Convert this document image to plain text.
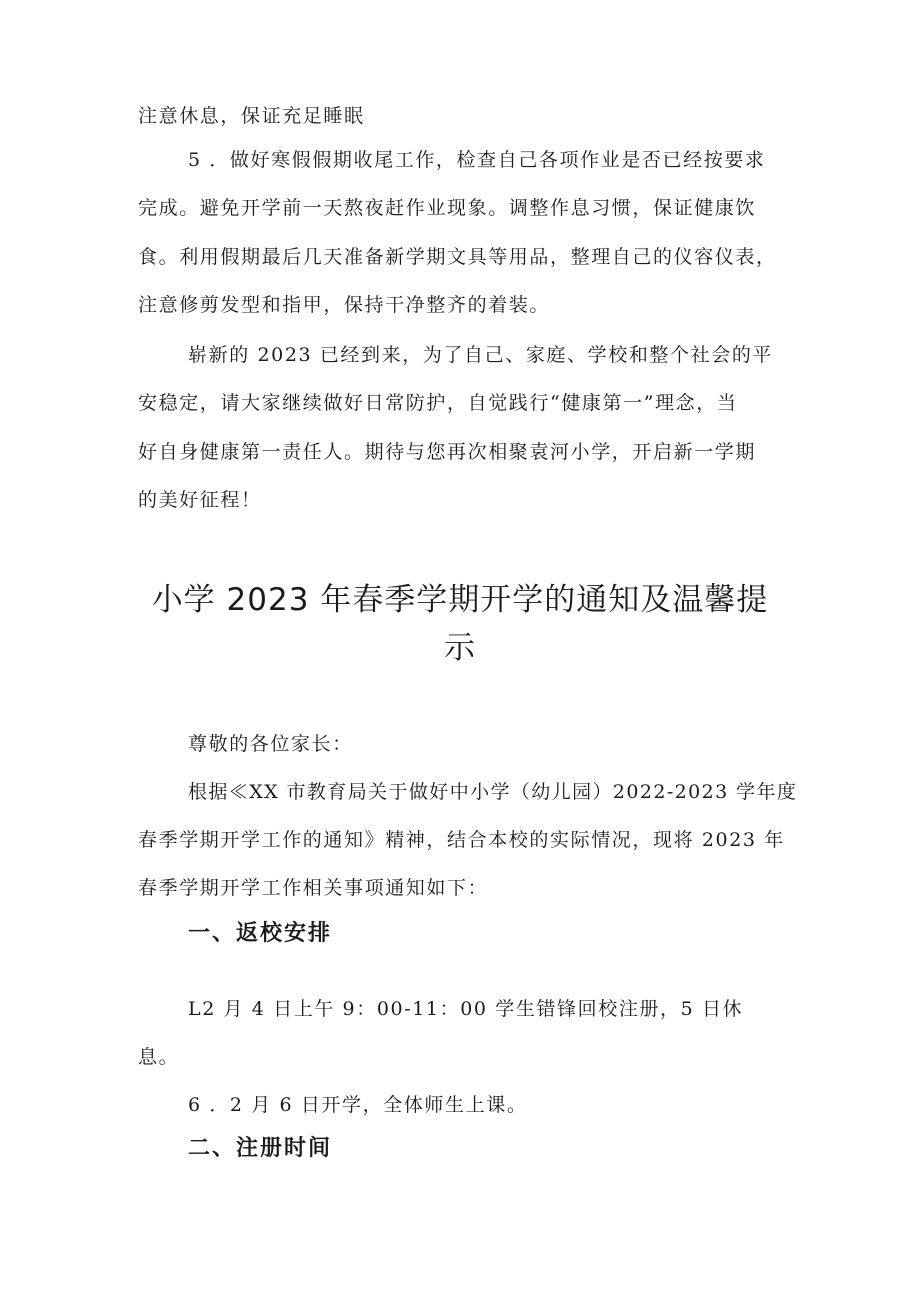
注意休息，保证充足睡眠

5 ．做好寒假假期收尾工作，检查自己各项作业是否已经按要求

完成。避免开学前一天熬夜赶作业现象。调整作息习惯，保证健康饮

食。利用假期最后几天准备新学期文具等用品，整理自己的仪容仪表，

注意修剪发型和指甲，保持干净整齐的着装。

崭新的 2023 已经到来，为了自己、家庭、学校和整个社会的平

安稳定，请大家继续做好日常防护，自觉践行“健康第一”理念，当

好自身健康第一责任人。期待与您再次相聚袁河小学，开启新一学期

的美好征程！

小学 2023 年春季学期开学的通知及温馨提
示

尊敬的各位家长：

根据≪XX 市教育局关于做好中小学（幼儿园）2022-2023 学年度

春季学期开学工作的通知》精神，结合本校的实际情况，现将 2023 年

春季学期开学工作相关事项通知如下：

一、返校安排

L2 月 4 日上午 9：00-11：00 学生错锋回校注册，5 日休

息。

6 ．2 月 6 日开学，全体师生上课。

二、注册时间
